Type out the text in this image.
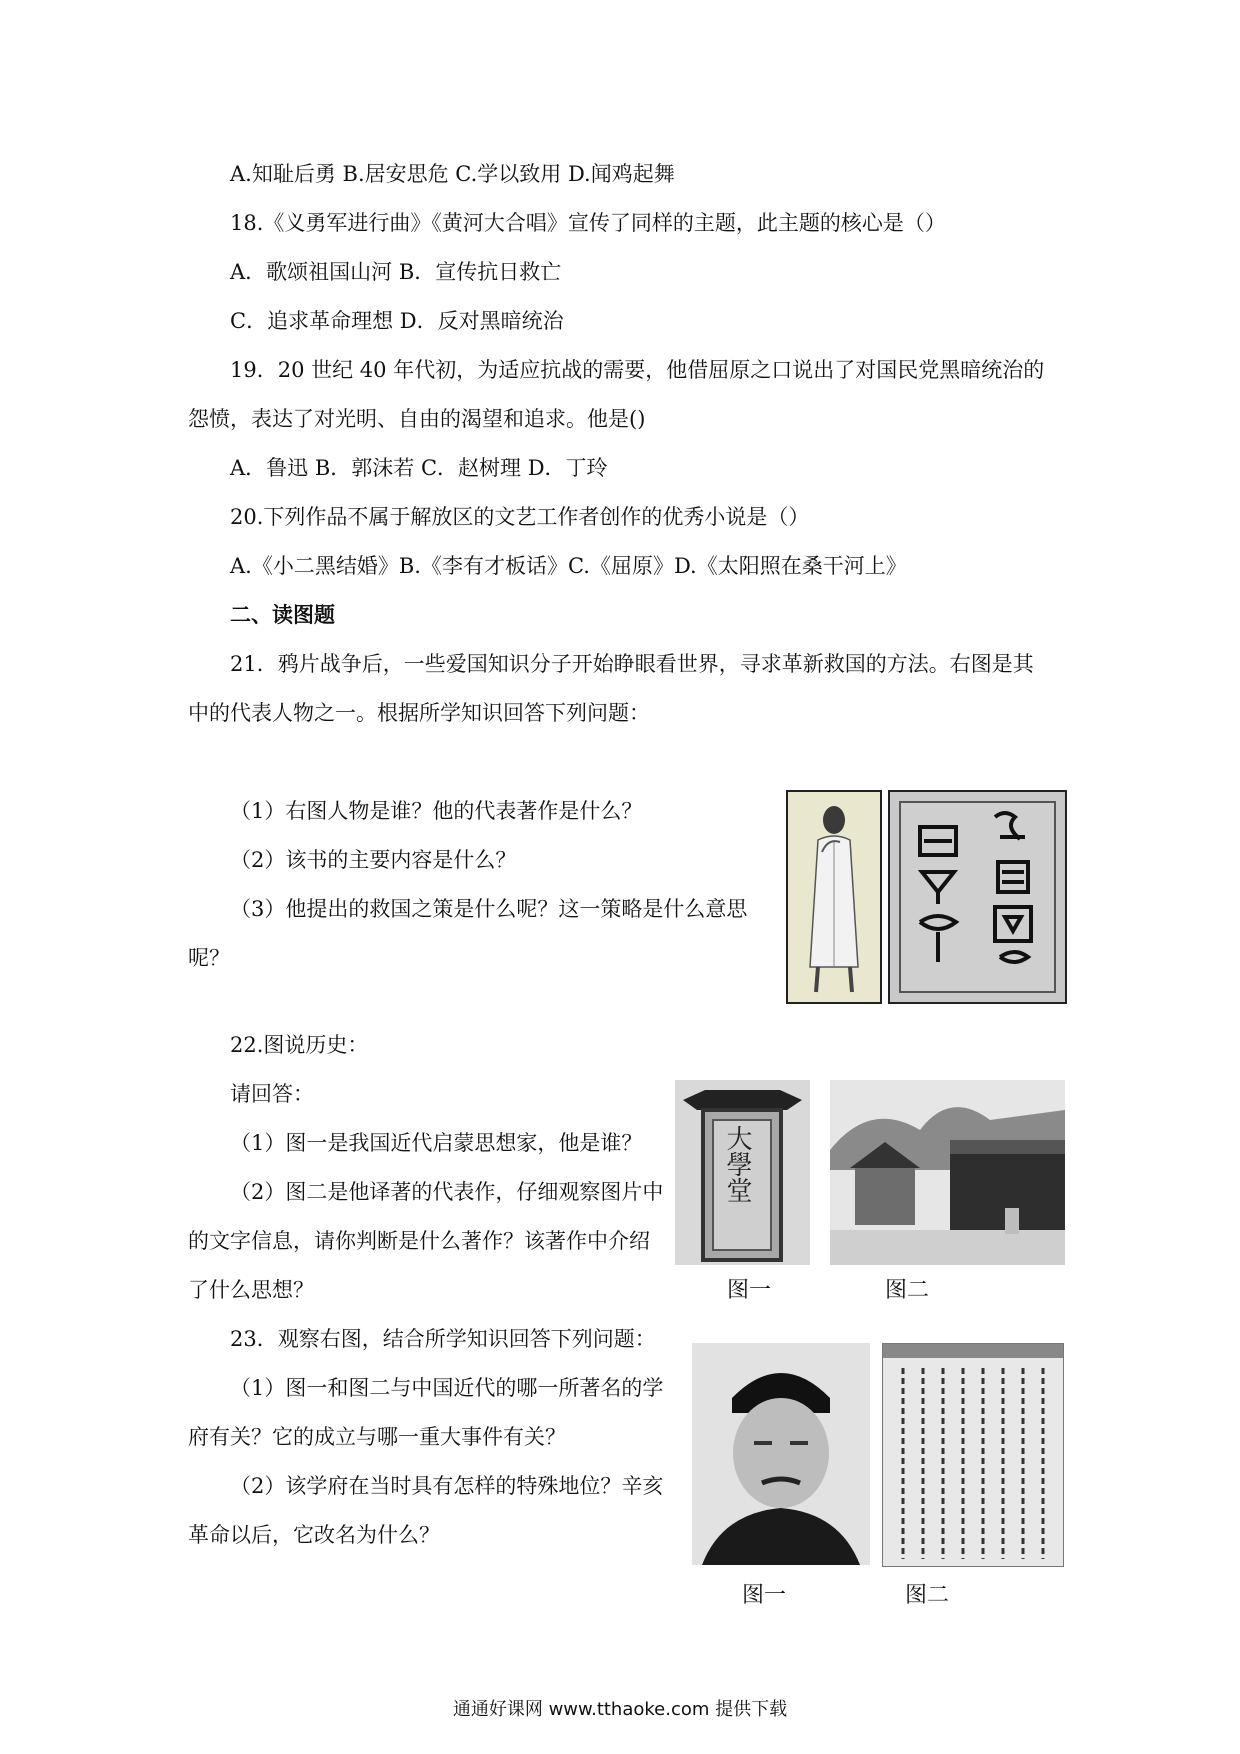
A.知耻后勇 B.居安思危 C.学以致用 D.闻鸡起舞
18.《义勇军进行曲》《黄河大合唱》宣传了同样的主题，此主题的核心是（）
A．歌颂祖国山河 B．宣传抗日救亡
C．追求革命理想 D．反对黑暗统治
19．20 世纪 40 年代初，为适应抗战的需要，他借屈原之口说出了对国民党黑暗统治的
怨愤，表达了对光明、自由的渴望和追求。他是()
A．鲁迅 B．郭沫若 C．赵树理 D．丁玲
20.下列作品不属于解放区的文艺工作者创作的优秀小说是（）
A.《小二黑结婚》B.《李有才板话》C.《屈原》D.《太阳照在桑干河上》
二、读图题
21．鸦片战争后，一些爱国知识分子开始睁眼看世界，寻求革新救国的方法。右图是其
中的代表人物之一。根据所学知识回答下列问题：
（1）右图人物是谁？他的代表著作是什么？
（2）该书的主要内容是什么？
（3）他提出的救国之策是什么呢？这一策略是什么意思
呢？
22.图说历史：
请回答：
（1）图一是我国近代启蒙思想家，他是谁？
（2）图二是他译著的代表作，仔细观察图片中
的文字信息，请你判断是什么著作？该著作中介绍
了什么思想？
大學堂
图一	图二
23．观察右图，结合所学知识回答下列问题：
（1）图一和图二与中国近代的哪一所著名的学
府有关？它的成立与哪一重大事件有关？
（2）该学府在当时具有怎样的特殊地位？辛亥
革命以后，它改名为什么？
图一	图二
通通好课网 www.tthaoke.com 提供下载
